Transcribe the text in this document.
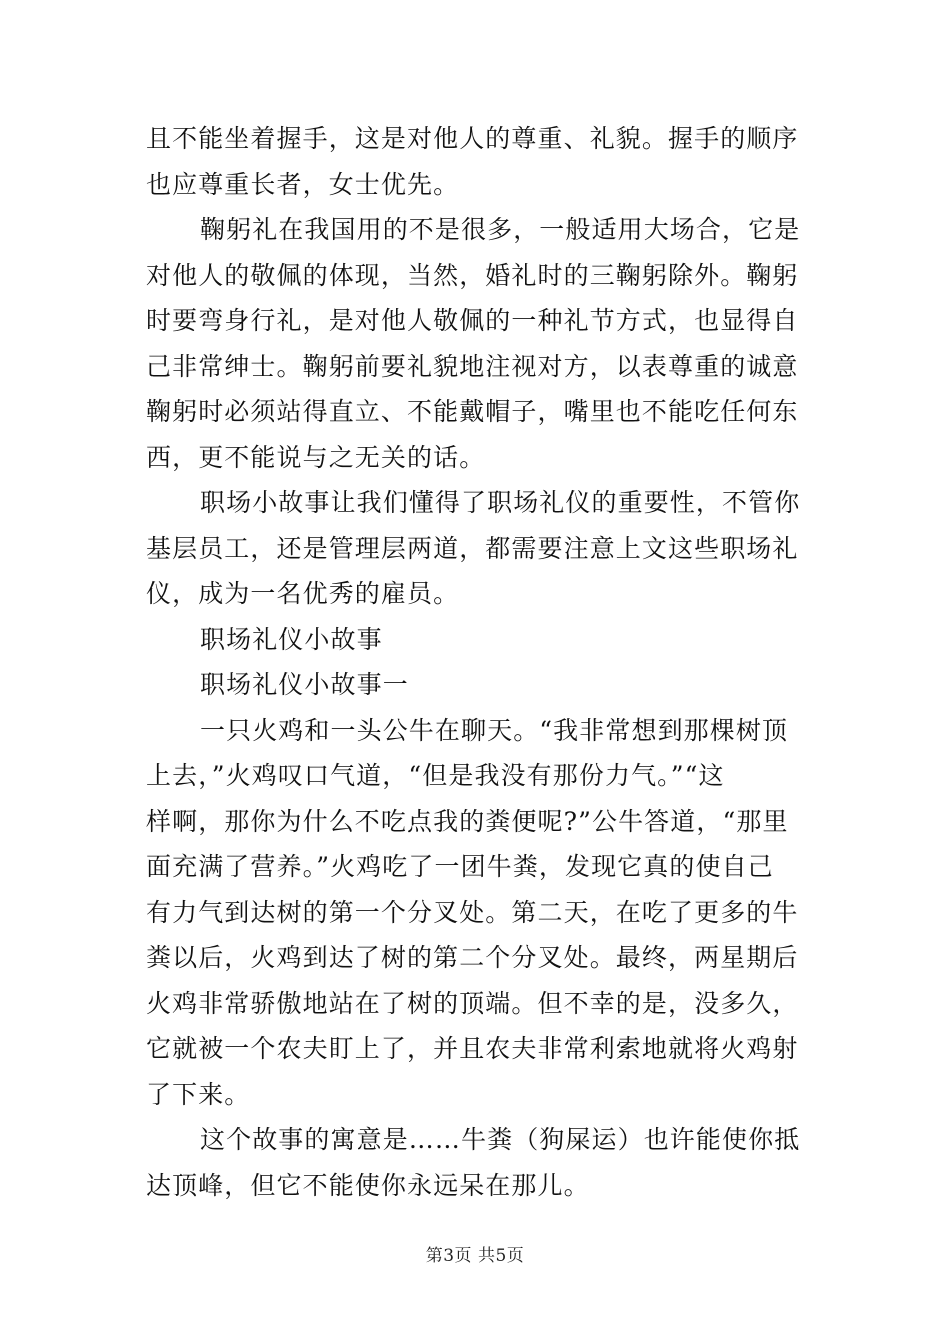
且不能坐着握手，这是对他人的尊重、礼貌。握手的顺序
也应尊重长者，女士优先。
鞠躬礼在我国用的不是很多，一般适用大场合，它是
对他人的敬佩的体现，当然，婚礼时的三鞠躬除外。鞠躬
时要弯身行礼，是对他人敬佩的一种礼节方式，也显得自
己非常绅士。鞠躬前要礼貌地注视对方，以表尊重的诚意
鞠躬时必须站得直立、不能戴帽子，嘴里也不能吃任何东
西，更不能说与之无关的话。
职场小故事让我们懂得了职场礼仪的重要性，不管你
基层员工，还是管理层两道，都需要注意上文这些职场礼
仪，成为一名优秀的雇员。
职场礼仪小故事
职场礼仪小故事一
一只火鸡和一头公牛在聊天。“我非常想到那棵树顶
上去，”火鸡叹口气道，“但是我没有那份力气。”“这
样啊，那你为什么不吃点我的粪便呢?”公牛答道，“那里
面充满了营养。”火鸡吃了一团牛粪，发现它真的使自己
有力气到达树的第一个分叉处。第二天，在吃了更多的牛
粪以后，火鸡到达了树的第二个分叉处。最终，两星期后
火鸡非常骄傲地站在了树的顶端。但不幸的是，没多久，
它就被一个农夫盯上了，并且农夫非常利索地就将火鸡射
了下来。
这个故事的寓意是……牛粪（狗屎运）也许能使你抵
达顶峰，但它不能使你永远呆在那儿。
第3页 共5页
